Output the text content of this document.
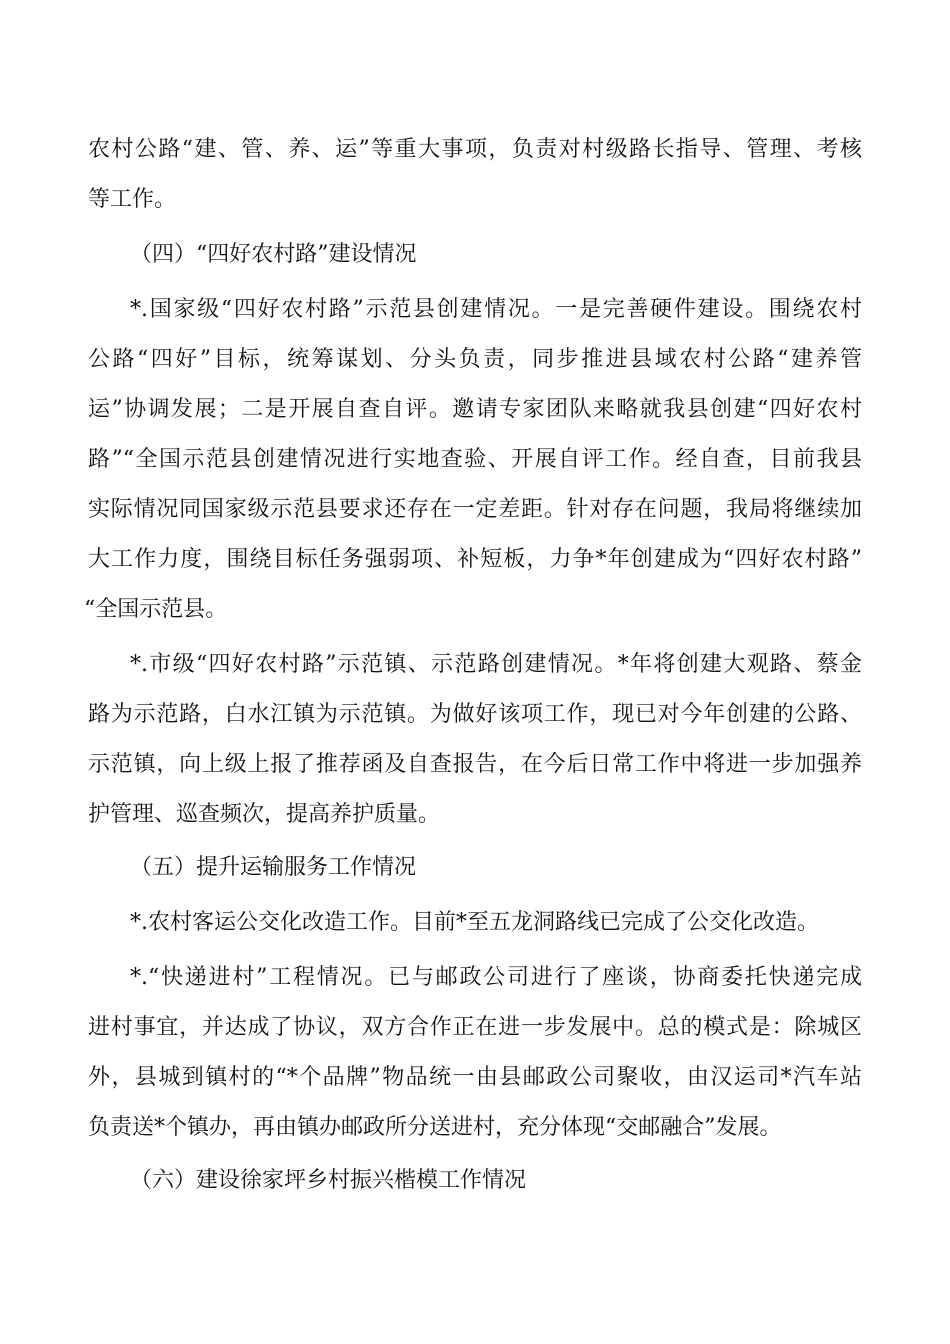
农村公路“建、管、养、运”等重大事项，负责对村级路长指导、管理、考核
等工作。
（四）“四好农村路”建设情况
*.国家级“四好农村路”示范县创建情况。一是完善硬件建设。围绕农村
公路“四好”目标，统筹谋划、分头负责，同步推进县域农村公路“建养管
运”协调发展；二是开展自查自评。邀请专家团队来略就我县创建“四好农村
路”“全国示范县创建情况进行实地查验、开展自评工作。经自查，目前我县
实际情况同国家级示范县要求还存在一定差距。针对存在问题，我局将继续加
大工作力度，围绕目标任务强弱项、补短板，力争*年创建成为“四好农村路”
“全国示范县。
*.市级“四好农村路”示范镇、示范路创建情况。*年将创建大观路、蔡金
路为示范路，白水江镇为示范镇。为做好该项工作，现已对今年创建的公路、
示范镇，向上级上报了推荐函及自查报告，在今后日常工作中将进一步加强养
护管理、巡查频次，提高养护质量。
（五）提升运输服务工作情况
*.农村客运公交化改造工作。目前*至五龙洞路线已完成了公交化改造。
*.“快递进村”工程情况。已与邮政公司进行了座谈，协商委托快递完成
进村事宜，并达成了协议，双方合作正在进一步发展中。总的模式是：除城区
外，县城到镇村的“*个品牌”物品统一由县邮政公司聚收，由汉运司*汽车站
负责送*个镇办，再由镇办邮政所分送进村，充分体现“交邮融合”发展。
（六）建设徐家坪乡村振兴楷模工作情况
